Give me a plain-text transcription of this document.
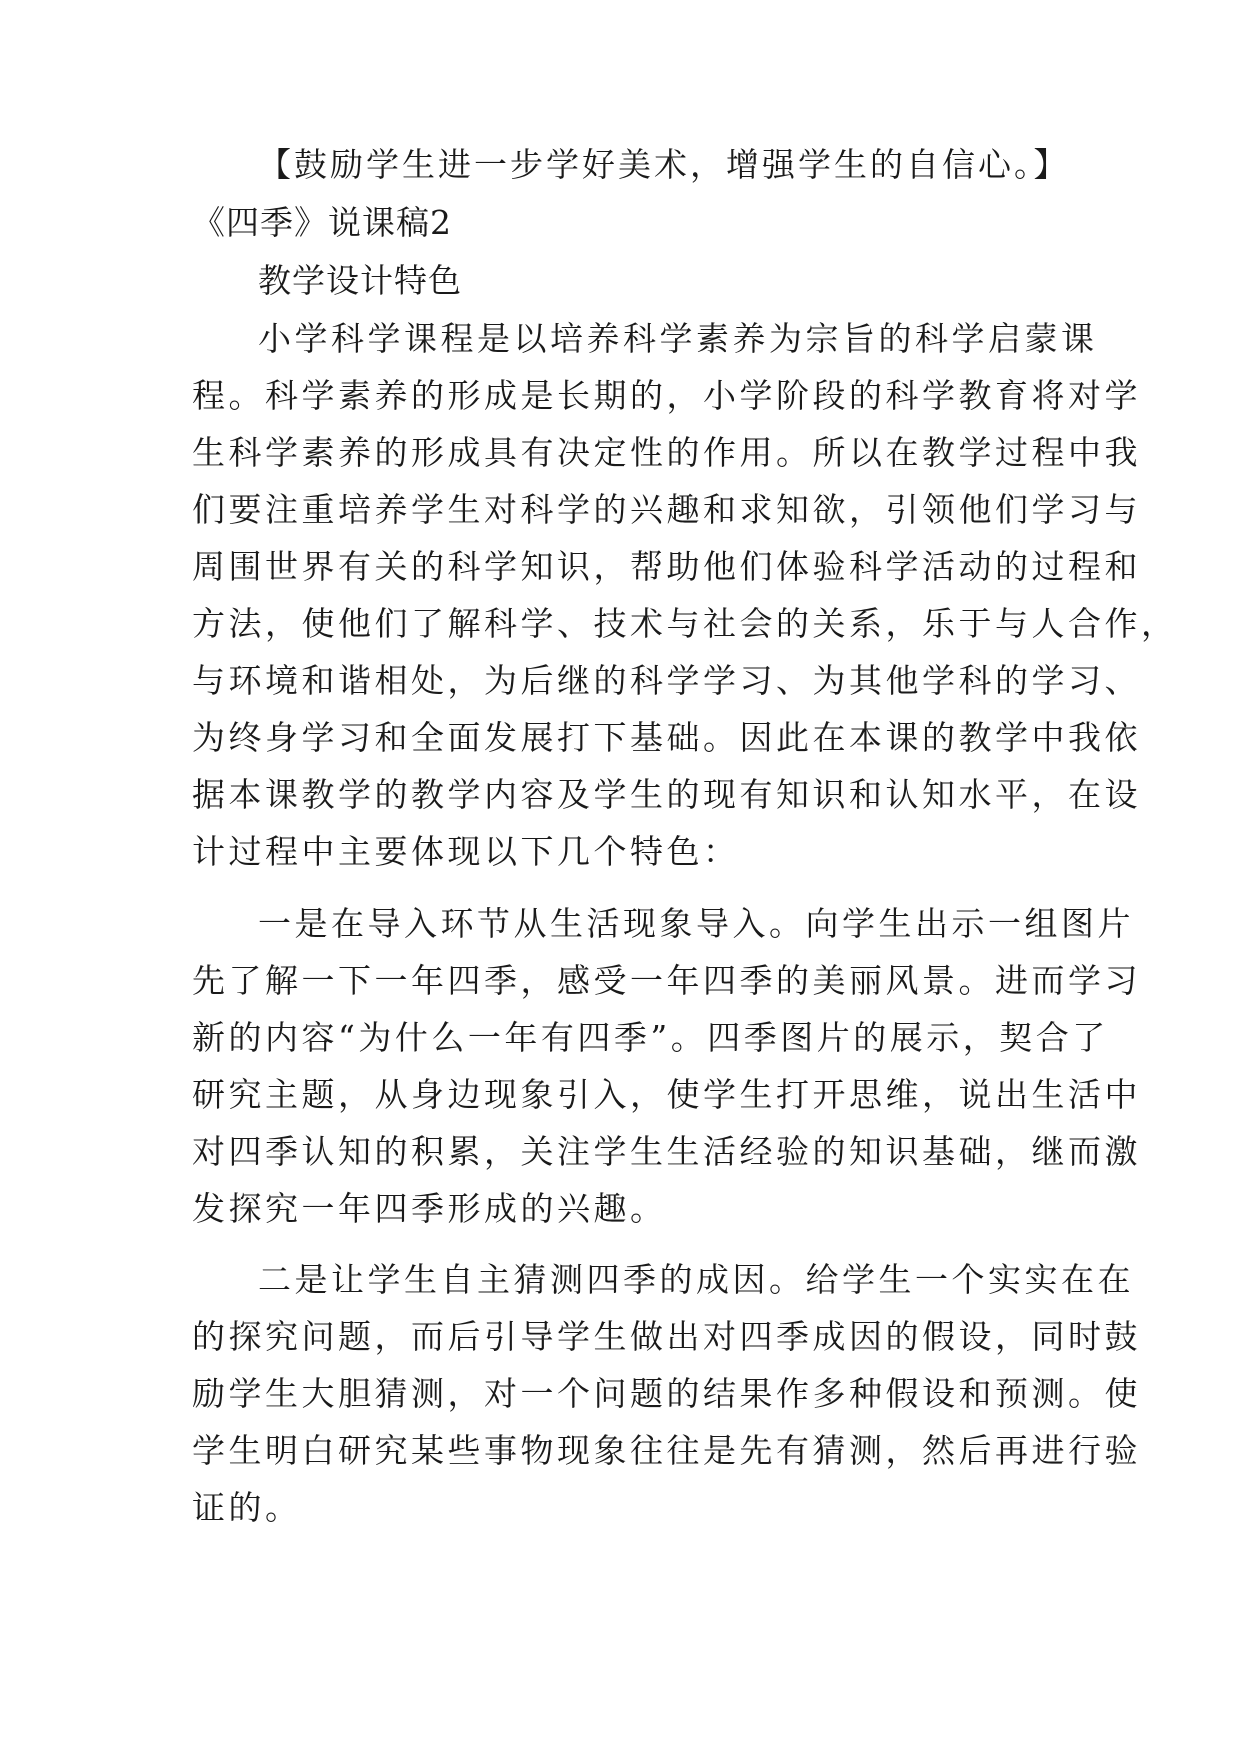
【鼓励学生进一步学好美术，增强学生的自信心。】
《四季》说课稿2
教学设计特色
小学科学课程是以培养科学素养为宗旨的科学启蒙课
程。科学素养的形成是长期的，小学阶段的科学教育将对学
生科学素养的形成具有决定性的作用。所以在教学过程中我
们要注重培养学生对科学的兴趣和求知欲，引领他们学习与
周围世界有关的科学知识，帮助他们体验科学活动的过程和
方法，使他们了解科学、技术与社会的关系，乐于与人合作，
与环境和谐相处，为后继的科学学习、为其他学科的学习、
为终身学习和全面发展打下基础。因此在本课的教学中我依
据本课教学的教学内容及学生的现有知识和认知水平，在设
计过程中主要体现以下几个特色：
一是在导入环节从生活现象导入。向学生出示一组图片
先了解一下一年四季，感受一年四季的美丽风景。进而学习
新的内容“为什么一年有四季”。四季图片的展示，契合了
研究主题，从身边现象引入，使学生打开思维，说出生活中
对四季认知的积累，关注学生生活经验的知识基础，继而激
发探究一年四季形成的兴趣。
二是让学生自主猜测四季的成因。给学生一个实实在在
的探究问题，而后引导学生做出对四季成因的假设，同时鼓
励学生大胆猜测，对一个问题的结果作多种假设和预测。使
学生明白研究某些事物现象往往是先有猜测，然后再进行验
证的。
